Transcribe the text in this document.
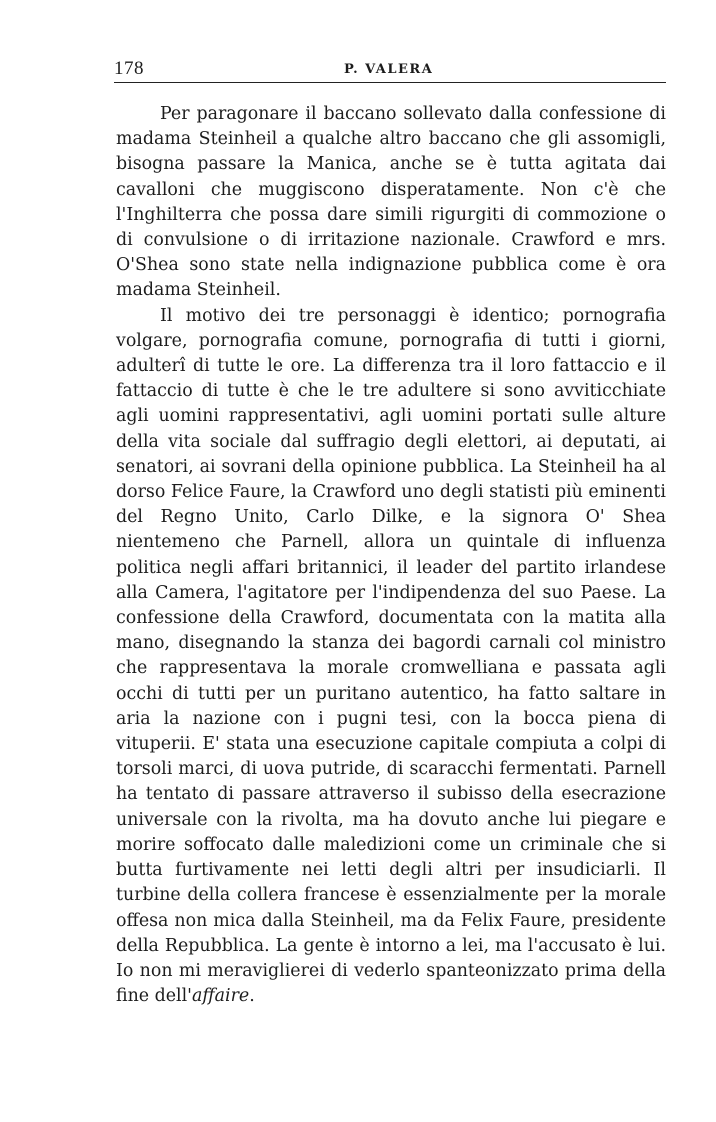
178	P. VALERA

Per paragonare il baccano sollevato dalla confessione di madama Steinheil a qualche altro baccano che gli assomigli, bisogna passare la Manica, anche se è tutta agitata dai cavalloni che muggiscono disperatamente. Non c'è che l'Inghilterra che possa dare simili rigurgiti di commozione o di convulsione o di irritazione nazionale. Crawford e mrs. O'Shea sono state nella indignazione pubblica come è ora madama Steinheil.

Il motivo dei tre personaggi è identico; pornografia volgare, pornografia comune, pornografia di tutti i giorni, adulterî di tutte le ore. La differenza tra il loro fattaccio e il fattaccio di tutte è che le tre adultere si sono avviticchiate agli uomini rappresentativi, agli uomini portati sulle alture della vita sociale dal suffragio degli elettori, ai deputati, ai senatori, ai sovrani della opinione pubblica. La Steinheil ha al dorso Felice Faure, la Crawford uno degli statisti più eminenti del Regno Unito, Carlo Dilke, e la signora O' Shea nientemeno che Parnell, allora un quintale di influenza politica negli affari britannici, il leader del partito irlandese alla Camera, l'agitatore per l'indipendenza del suo Paese. La confessione della Crawford, documentata con la matita alla mano, disegnando la stanza dei bagordi carnali col ministro che rappresentava la morale cromwelliana e passata agli occhi di tutti per un puritano autentico, ha fatto saltare in aria la nazione con i pugni tesi, con la bocca piena di vituperii. E' stata una esecuzione capitale compiuta a colpi di torsoli marci, di uova putride, di scaracchi fermentati. Parnell ha tentato di passare attraverso il subisso della esecrazione universale con la rivolta, ma ha dovuto anche lui piegare e morire soffocato dalle maledizioni come un criminale che si butta furtivamente nei letti degli altri per insudiciarli. Il turbine della collera francese è essenzialmente per la morale offesa non mica dalla Steinheil, ma da Felix Faure, presidente della Repubblica. La gente è intorno a lei, ma l'accusato è lui. Io non mi meraviglierei di vederlo spanteonizzato prima della fine dell'affaire.
